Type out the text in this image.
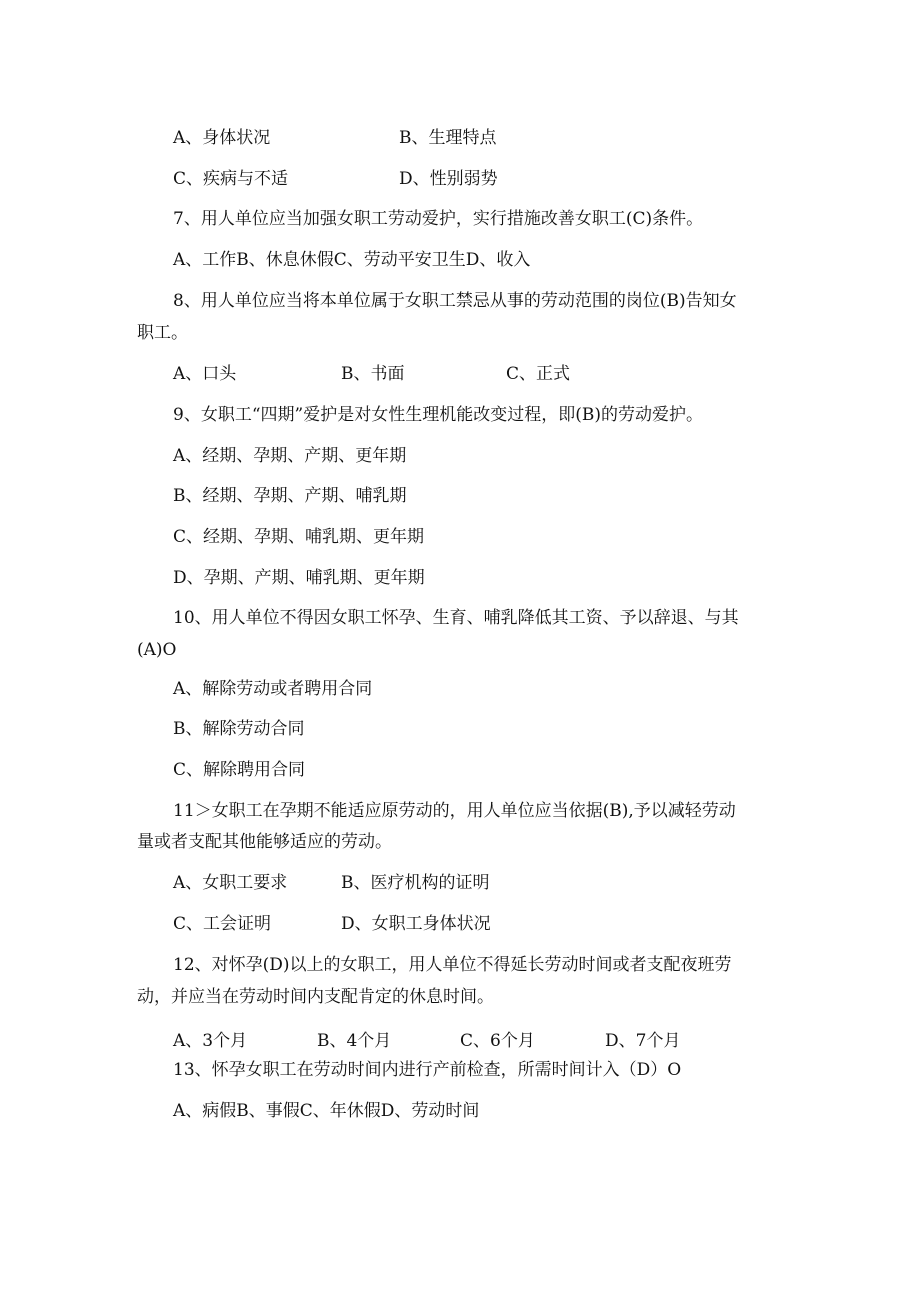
A、身体状况	B、生理特点
C、疾病与不适	D、性别弱势
7、用人单位应当加强女职工劳动爱护，实行措施改善女职工(C)条件。
A、工作B、休息休假C、劳动平安卫生D、收入
8、用人单位应当将本单位属于女职工禁忌从事的劳动范围的岗位(B)告知女
职工。
A、口头	B、书面	C、正式
9、女职工“四期”爱护是对女性生理机能改变过程，即(B)的劳动爱护。
A、经期、孕期、产期、更年期
B、经期、孕期、产期、哺乳期
C、经期、孕期、哺乳期、更年期
D、孕期、产期、哺乳期、更年期
10、用人单位不得因女职工怀孕、生育、哺乳降低其工资、予以辞退、与其
(A)O
A、解除劳动或者聘用合同
B、解除劳动合同
C、解除聘用合同
11＞女职工在孕期不能适应原劳动的，用人单位应当依据(B),予以减轻劳动
量或者支配其他能够适应的劳动。
A、女职工要求	B、医疗机构的证明
C、工会证明	D、女职工身体状况
12、对怀孕(D)以上的女职工，用人单位不得延长劳动时间或者支配夜班劳
动，并应当在劳动时间内支配肯定的休息时间。
A、3个月	B、4个月	C、6个月	D、7个月
13、怀孕女职工在劳动时间内进行产前检查，所需时间计入（D）O
A、病假B、事假C、年休假D、劳动时间
